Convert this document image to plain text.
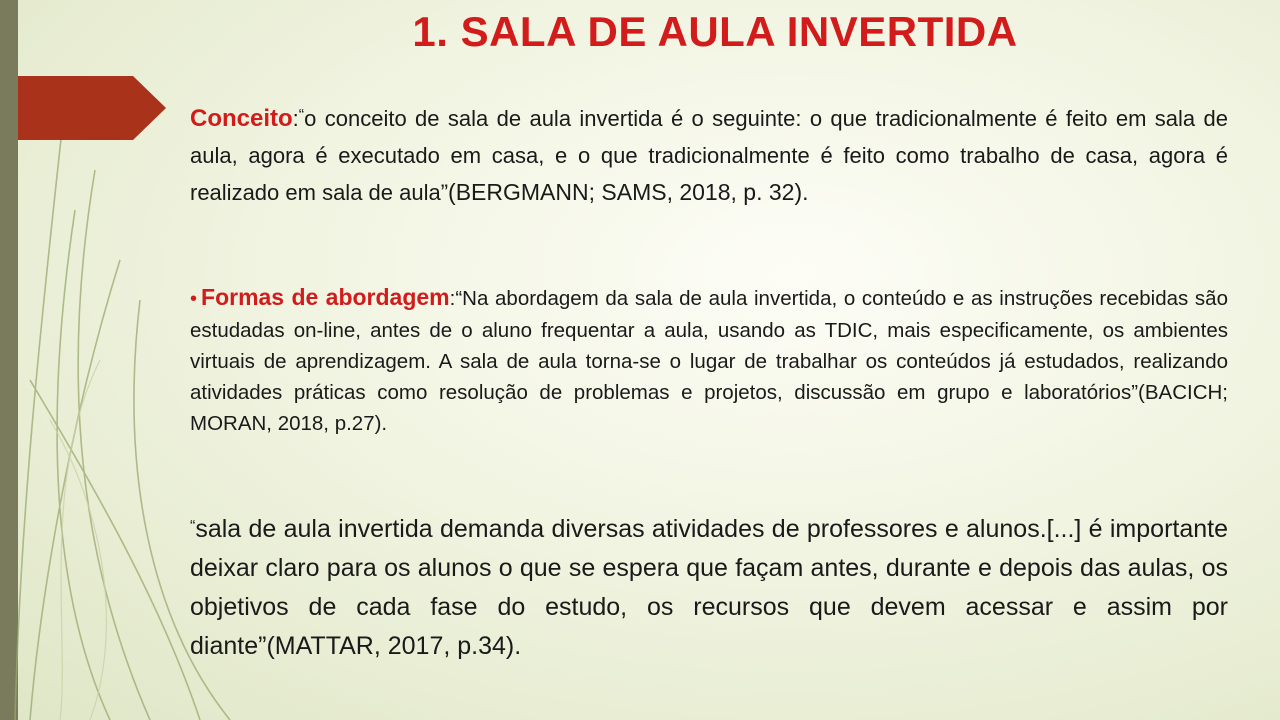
1. SALA DE AULA INVERTIDA

Conceito:“o conceito de sala de aula invertida é o seguinte: o que tradicionalmente é feito em sala de aula, agora é executado em casa, e o que tradicionalmente é feito como trabalho de casa, agora é realizado em sala de aula”(BERGMANN; SAMS, 2018, p. 32).

• Formas de abordagem:“Na abordagem da sala de aula invertida, o conteúdo e as instruções recebidas são estudadas on-line, antes de o aluno frequentar a aula, usando as TDIC, mais especificamente, os ambientes virtuais de aprendizagem. A sala de aula torna-se o lugar de trabalhar os conteúdos já estudados, realizando atividades práticas como resolução de problemas e projetos, discussão em grupo e laboratórios”(BACICH; MORAN, 2018, p.27).

“sala de aula invertida demanda diversas atividades de professores e alunos.[...] é importante deixar claro para os alunos o que se espera que façam antes, durante e depois das aulas, os objetivos de cada fase do estudo, os recursos que devem acessar e assim por diante”(MATTAR, 2017, p.34).
